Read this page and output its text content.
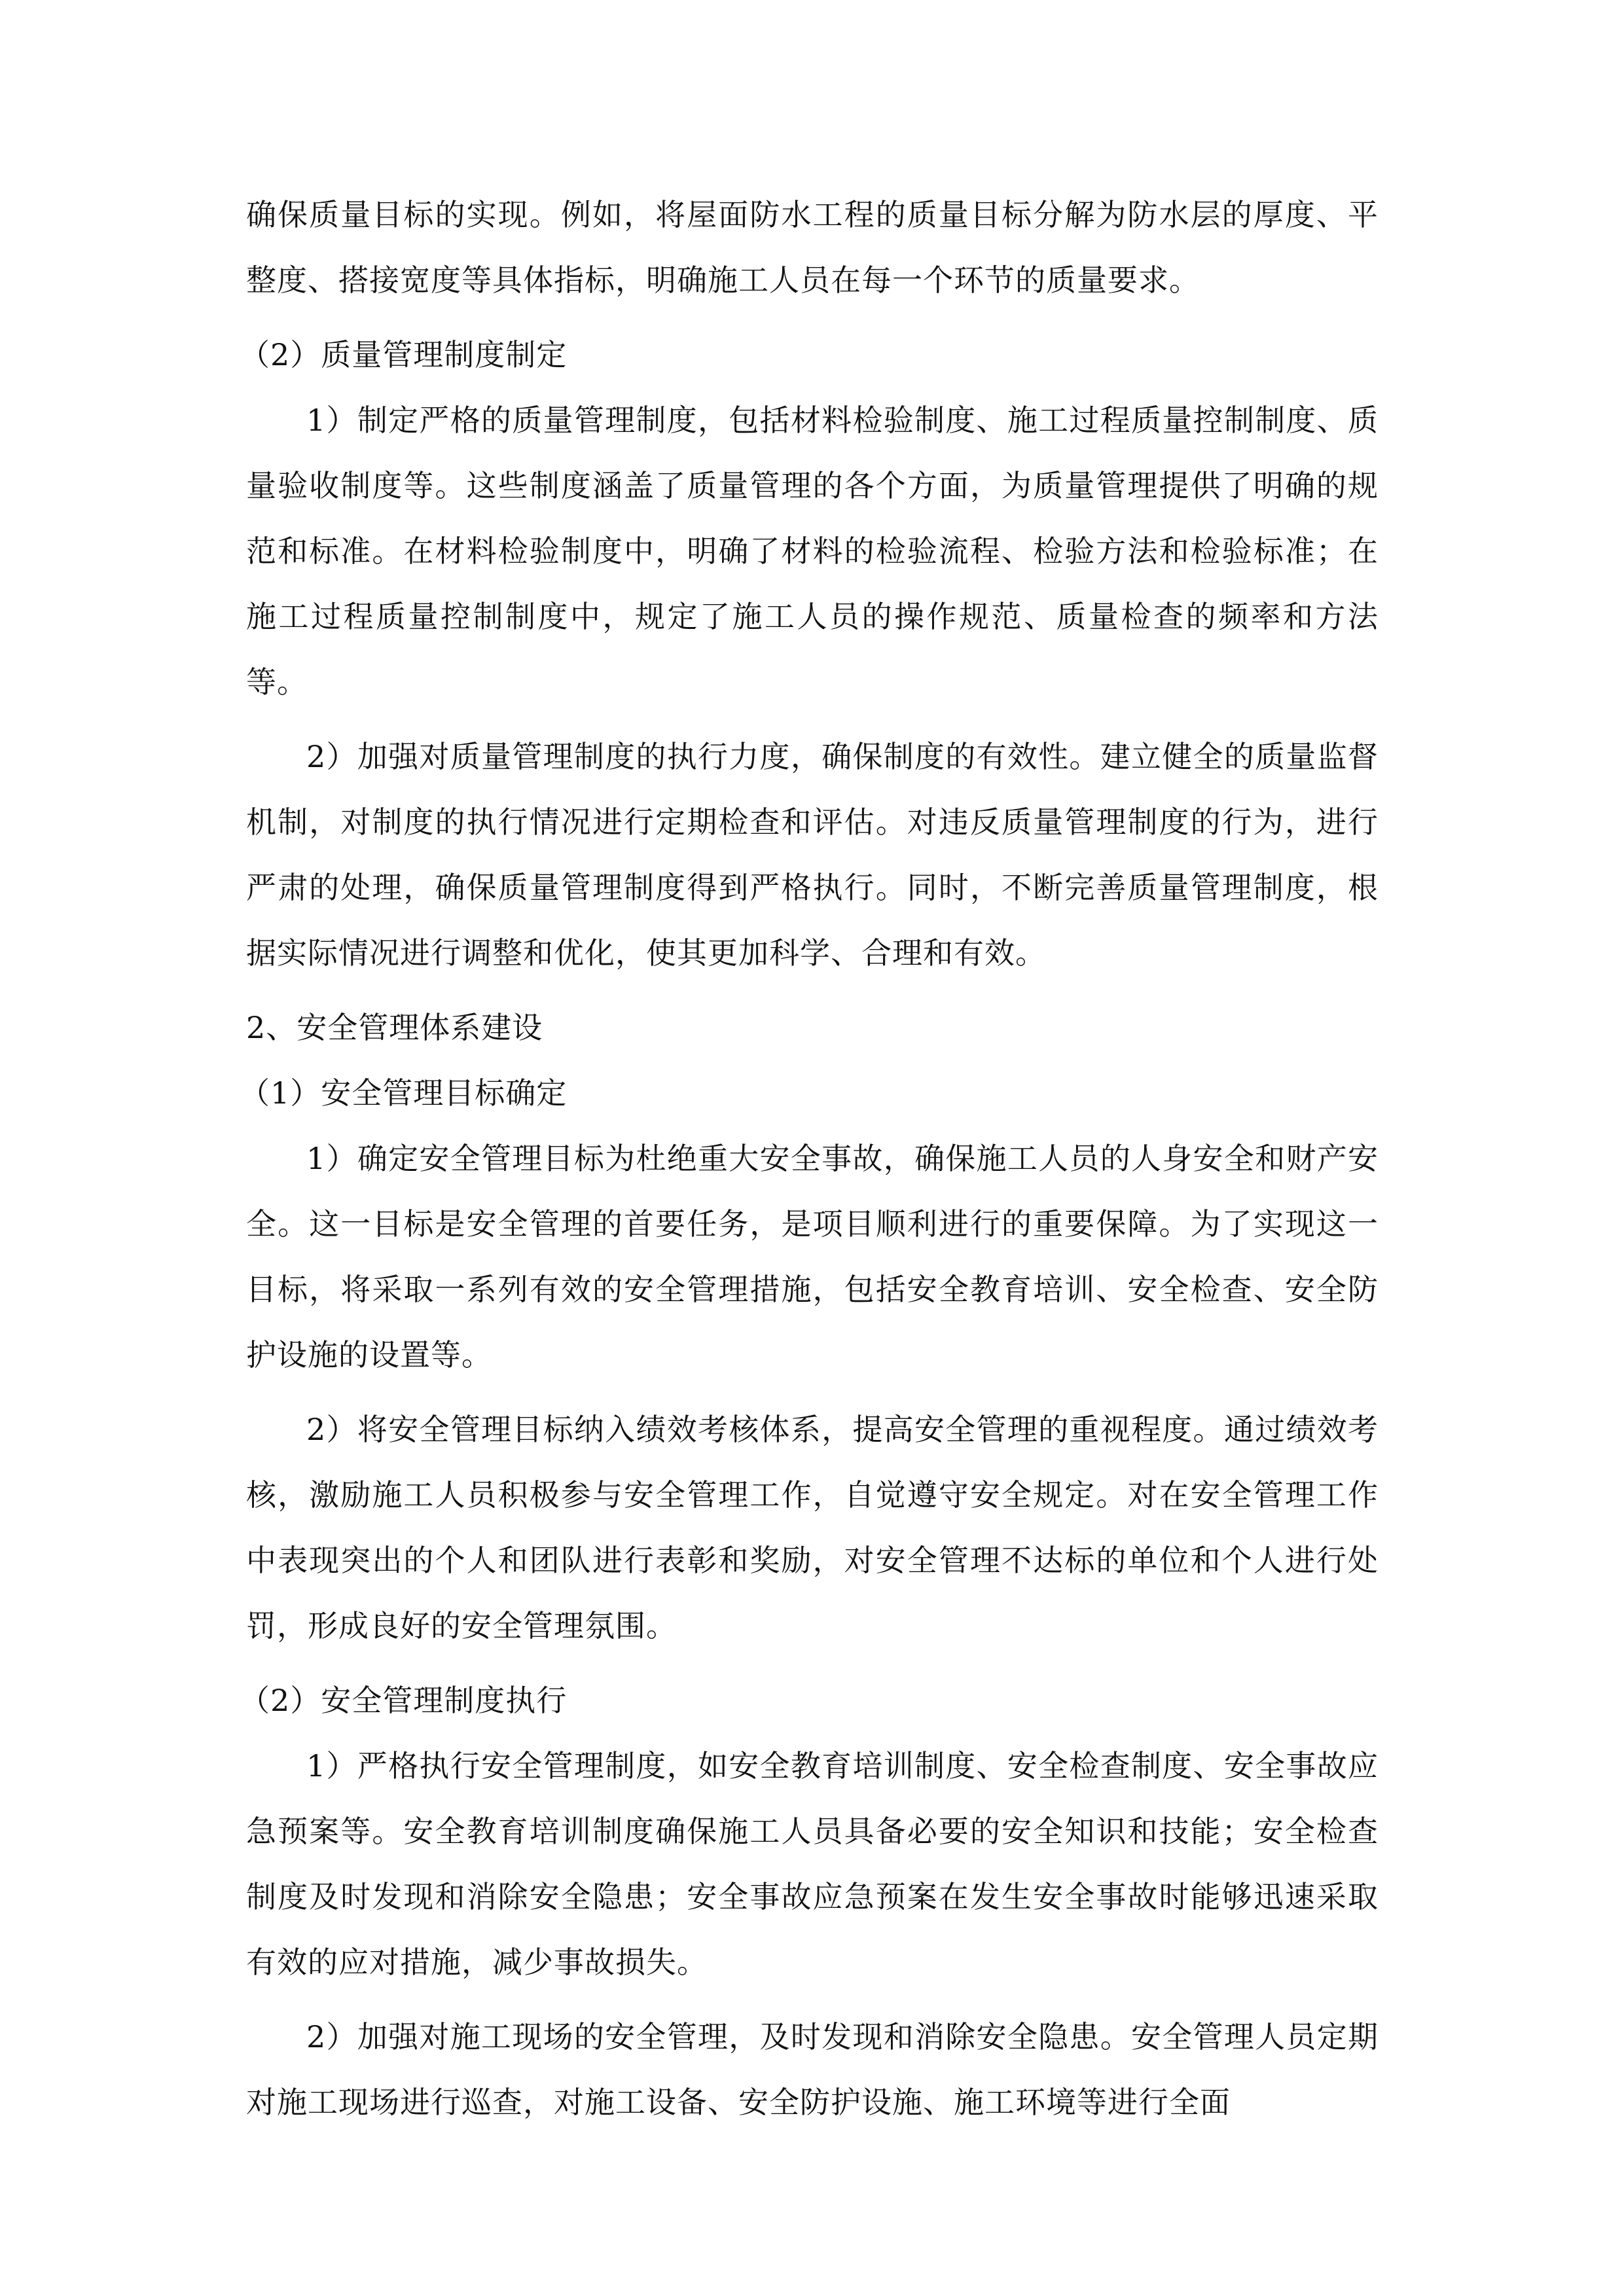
确保质量目标的实现。例如，将屋面防水工程的质量目标分解为防水层的厚度、平整度、搭接宽度等具体指标，明确施工人员在每一个环节的质量要求。

（2）质量管理制度制定

1）制定严格的质量管理制度，包括材料检验制度、施工过程质量控制制度、质量验收制度等。这些制度涵盖了质量管理的各个方面，为质量管理提供了明确的规范和标准。在材料检验制度中，明确了材料的检验流程、检验方法和检验标准；在施工过程质量控制制度中，规定了施工人员的操作规范、质量检查的频率和方法等。

2）加强对质量管理制度的执行力度，确保制度的有效性。建立健全的质量监督机制，对制度的执行情况进行定期检查和评估。对违反质量管理制度的行为，进行严肃的处理，确保质量管理制度得到严格执行。同时，不断完善质量管理制度，根据实际情况进行调整和优化，使其更加科学、合理和有效。

2、安全管理体系建设

（1）安全管理目标确定

1）确定安全管理目标为杜绝重大安全事故，确保施工人员的人身安全和财产安全。这一目标是安全管理的首要任务，是项目顺利进行的重要保障。为了实现这一目标，将采取一系列有效的安全管理措施，包括安全教育培训、安全检查、安全防护设施的设置等。

2）将安全管理目标纳入绩效考核体系，提高安全管理的重视程度。通过绩效考核，激励施工人员积极参与安全管理工作，自觉遵守安全规定。对在安全管理工作中表现突出的个人和团队进行表彰和奖励，对安全管理不达标的单位和个人进行处罚，形成良好的安全管理氛围。

（2）安全管理制度执行

1）严格执行安全管理制度，如安全教育培训制度、安全检查制度、安全事故应急预案等。安全教育培训制度确保施工人员具备必要的安全知识和技能；安全检查制度及时发现和消除安全隐患；安全事故应急预案在发生安全事故时能够迅速采取有效的应对措施，减少事故损失。

2）加强对施工现场的安全管理，及时发现和消除安全隐患。安全管理人员定期对施工现场进行巡查，对施工设备、安全防护设施、施工环境等进行全面
